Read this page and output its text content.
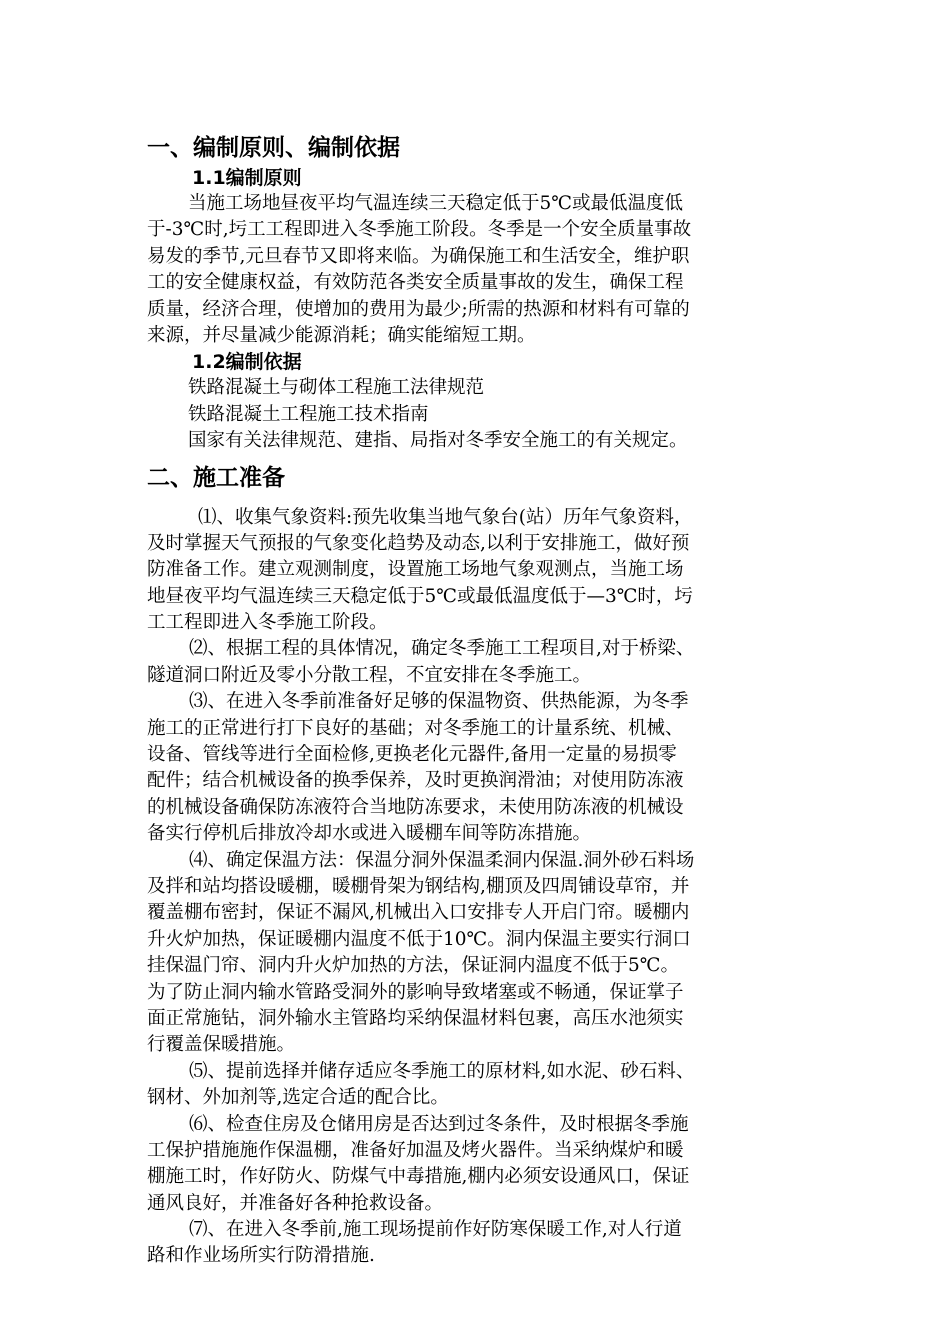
一、编制原则、编制依据
1.1编制原则

当施工场地昼夜平均气温连续三天稳定低于5℃或最低温度低

于-3℃时,圬工工程即进入冬季施工阶段。冬季是一个安全质量事故

易发的季节,元旦春节又即将来临。为确保施工和生活安全，维护职

工的安全健康权益，有效防范各类安全质量事故的发生，确保工程

质量，经济合理，使增加的费用为最少;所需的热源和材料有可靠的

来源，并尽量减少能源消耗；确实能缩短工期。

1.2编制依据

铁路混凝土与砌体工程施工法律规范

铁路混凝土工程施工技术指南

国家有关法律规范、建指、局指对冬季安全施工的有关规定。

二、施工准备

⑴、收集气象资料:预先收集当地气象台(站）历年气象资料，

及时掌握天气预报的气象变化趋势及动态,以利于安排施工，做好预

防准备工作。建立观测制度，设置施工场地气象观测点，当施工场

地昼夜平均气温连续三天稳定低于5℃或最低温度低于—3℃时，圬

工工程即进入冬季施工阶段。

⑵、根据工程的具体情况，确定冬季施工工程项目,对于桥梁、

隧道洞口附近及零小分散工程，不宜安排在冬季施工。

⑶、在进入冬季前准备好足够的保温物资、供热能源，为冬季

施工的正常进行打下良好的基础；对冬季施工的计量系统、机械、

设备、管线等进行全面检修,更换老化元器件,备用一定量的易损零

配件；结合机械设备的换季保养，及时更换润滑油；对使用防冻液

的机械设备确保防冻液符合当地防冻要求，未使用防冻液的机械设

备实行停机后排放冷却水或进入暖棚车间等防冻措施。

⑷、确定保温方法：保温分洞外保温柔洞内保温.洞外砂石料场

及拌和站均搭设暖棚，暖棚骨架为钢结构,棚顶及四周铺设草帘，并

覆盖棚布密封，保证不漏风,机械出入口安排专人开启门帘。暖棚内

升火炉加热，保证暖棚内温度不低于10℃。洞内保温主要实行洞口

挂保温门帘、洞内升火炉加热的方法，保证洞内温度不低于5℃。

为了防止洞内输水管路受洞外的影响导致堵塞或不畅通，保证掌子

面正常施钻，洞外输水主管路均采纳保温材料包裹，高压水池须实

行覆盖保暖措施。

⑸、提前选择并储存适应冬季施工的原材料,如水泥、砂石料、

钢材、外加剂等,选定合适的配合比。

⑹、检查住房及仓储用房是否达到过冬条件，及时根据冬季施

工保护措施施作保温棚，准备好加温及烤火器件。当采纳煤炉和暖

棚施工时，作好防火、防煤气中毒措施,棚内必须安设通风口，保证

通风良好，并准备好各种抢救设备。

⑺、在进入冬季前,施工现场提前作好防寒保暖工作,对人行道

路和作业场所实行防滑措施.
